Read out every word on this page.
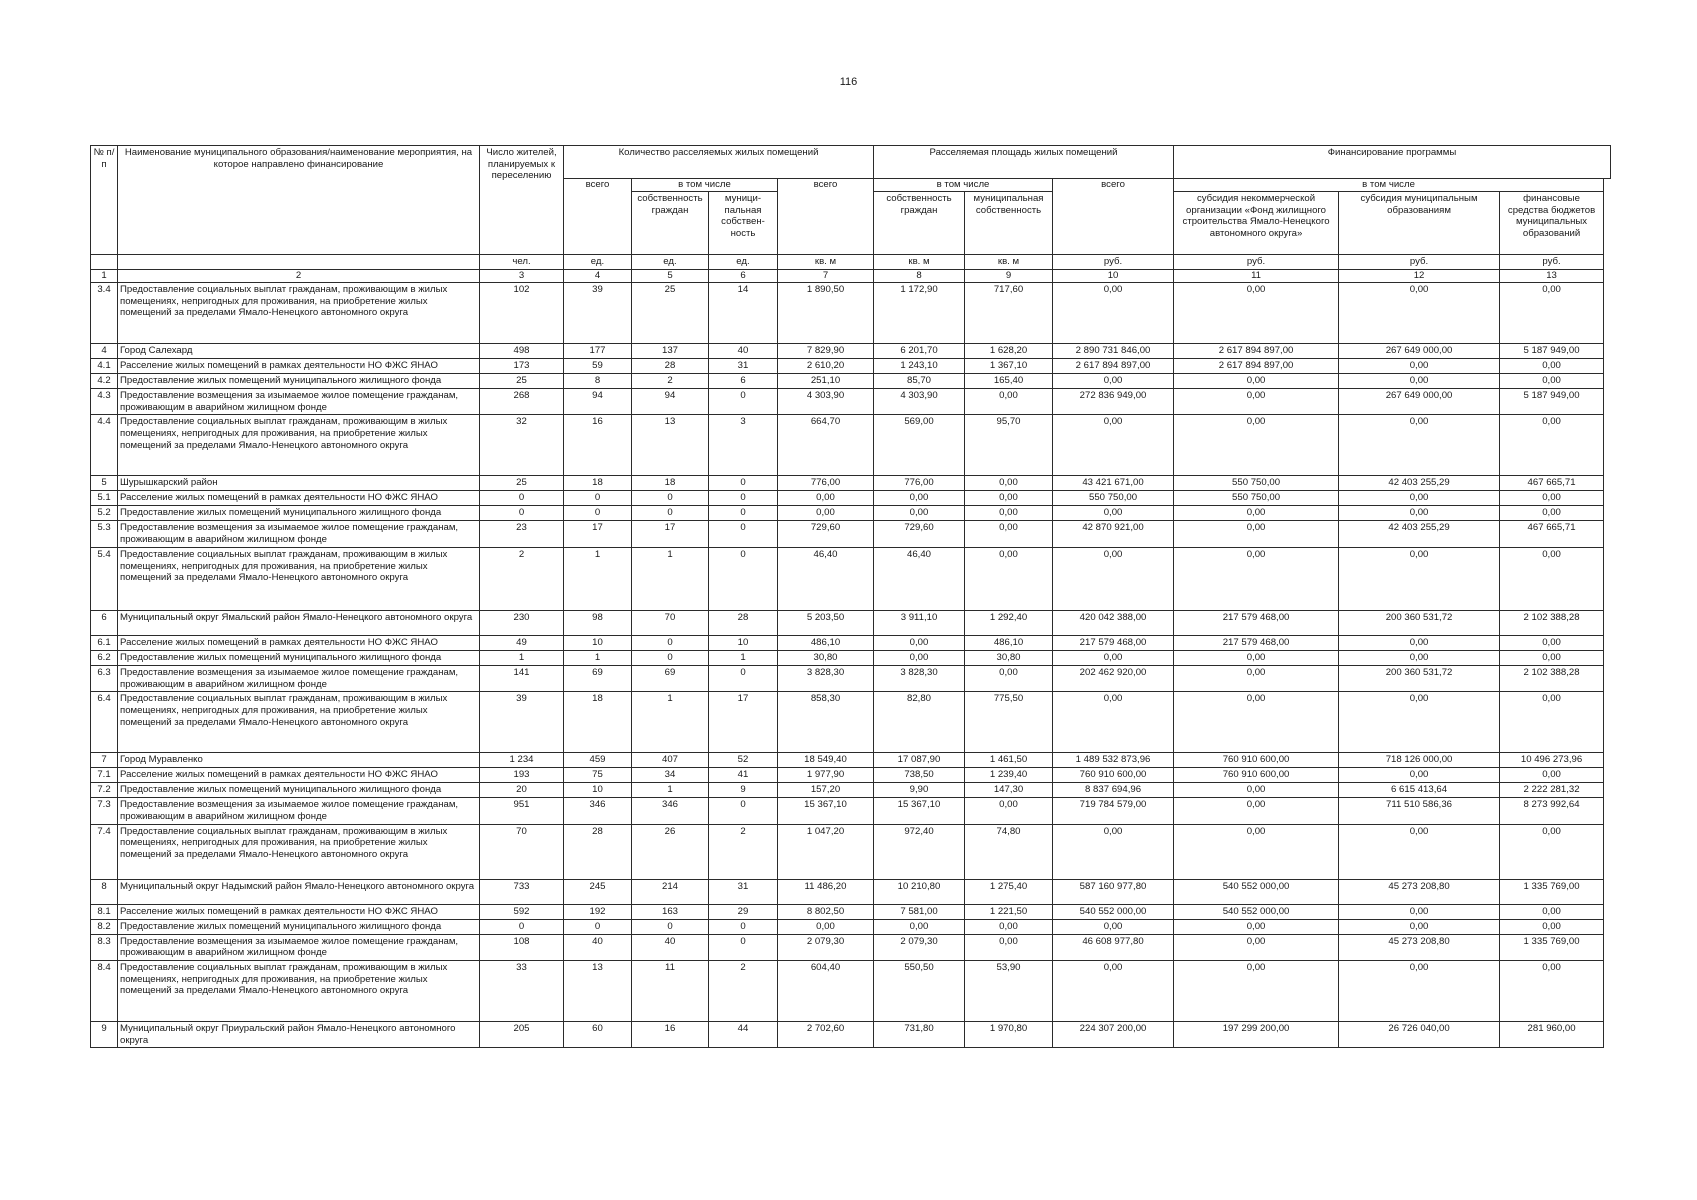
116
№ п/п	Наименование муниципального образования/наименование мероприятия, на которое направлено финансирование	Число жителей, планируемых к переселению	Количество расселяемых жилых помещений				Расселяемая площадь жилых помещений			Финансирование программы		
			всего	в том числе		всего	в том числе		всего	в том числе		
				собственность граждан	муници-пальная собствен-ность		собственность граждан	муниципальная собственность		субсидия некоммерческой организации «Фонд жилищного строительства Ямало-Ненецкого автономного округа»	субсидия муниципальным образованиям	финансовые средства бюджетов муниципальных образований
		чел.	ед.	ед.	ед.	кв. м	кв. м	кв. м	руб.	руб.	руб.	руб.
1	2	3	4	5	6	7	8	9	10	11	12	13
3.4	Предоставление социальных выплат гражданам, проживающим в жилых помещениях, непригодных для проживания, на приобретение жилых помещений за пределами Ямало-Ненецкого автономного округа	102	39	25	14	1 890,50	1 172,90	717,60	0,00	0,00	0,00	0,00
4	Город Салехард	498	177	137	40	7 829,90	6 201,70	1 628,20	2 890 731 846,00	2 617 894 897,00	267 649 000,00	5 187 949,00
4.1	Расселение жилых помещений в рамках деятельности НО ФЖС ЯНАО	173	59	28	31	2 610,20	1 243,10	1 367,10	2 617 894 897,00	2 617 894 897,00	0,00	0,00
4.2	Предоставление жилых помещений муниципального жилищного фонда	25	8	2	6	251,10	85,70	165,40	0,00	0,00	0,00	0,00
4.3	Предоставление возмещения за изымаемое жилое помещение гражданам, проживающим в аварийном жилищном фонде	268	94	94	0	4 303,90	4 303,90	0,00	272 836 949,00	0,00	267 649 000,00	5 187 949,00
4.4	Предоставление социальных выплат гражданам, проживающим в жилых помещениях, непригодных для проживания, на приобретение жилых помещений за пределами Ямало-Ненецкого автономного округа	32	16	13	3	664,70	569,00	95,70	0,00	0,00	0,00	0,00
5	Шурышкарский район	25	18	18	0	776,00	776,00	0,00	43 421 671,00	550 750,00	42 403 255,29	467 665,71
5.1	Расселение жилых помещений в рамках деятельности НО ФЖС ЯНАО	0	0	0	0	0,00	0,00	0,00	550 750,00	550 750,00	0,00	0,00
5.2	Предоставление жилых помещений муниципального жилищного фонда	0	0	0	0	0,00	0,00	0,00	0,00	0,00	0,00	0,00
5.3	Предоставление возмещения за изымаемое жилое помещение гражданам, проживающим в аварийном жилищном фонде	23	17	17	0	729,60	729,60	0,00	42 870 921,00	0,00	42 403 255,29	467 665,71
5.4	Предоставление социальных выплат гражданам, проживающим в жилых помещениях, непригодных для проживания, на приобретение жилых помещений за пределами Ямало-Ненецкого автономного округа	2	1	1	0	46,40	46,40	0,00	0,00	0,00	0,00	0,00
6	Муниципальный округ Ямальский район Ямало-Ненецкого автономного округа	230	98	70	28	5 203,50	3 911,10	1 292,40	420 042 388,00	217 579 468,00	200 360 531,72	2 102 388,28
6.1	Расселение жилых помещений в рамках деятельности НО ФЖС ЯНАО	49	10	0	10	486,10	0,00	486,10	217 579 468,00	217 579 468,00	0,00	0,00
6.2	Предоставление жилых помещений муниципального жилищного фонда	1	1	0	1	30,80	0,00	30,80	0,00	0,00	0,00	0,00
6.3	Предоставление возмещения за изымаемое жилое помещение гражданам, проживающим в аварийном жилищном фонде	141	69	69	0	3 828,30	3 828,30	0,00	202 462 920,00	0,00	200 360 531,72	2 102 388,28
6.4	Предоставление социальных выплат гражданам, проживающим в жилых помещениях, непригодных для проживания, на приобретение жилых помещений за пределами Ямало-Ненецкого автономного округа	39	18	1	17	858,30	82,80	775,50	0,00	0,00	0,00	0,00
7	Город Муравленко	1 234	459	407	52	18 549,40	17 087,90	1 461,50	1 489 532 873,96	760 910 600,00	718 126 000,00	10 496 273,96
7.1	Расселение жилых помещений в рамках деятельности НО ФЖС ЯНАО	193	75	34	41	1 977,90	738,50	1 239,40	760 910 600,00	760 910 600,00	0,00	0,00
7.2	Предоставление жилых помещений муниципального жилищного фонда	20	10	1	9	157,20	9,90	147,30	8 837 694,96	0,00	6 615 413,64	2 222 281,32
7.3	Предоставление возмещения за изымаемое жилое помещение гражданам, проживающим в аварийном жилищном фонде	951	346	346	0	15 367,10	15 367,10	0,00	719 784 579,00	0,00	711 510 586,36	8 273 992,64
7.4	Предоставление социальных выплат гражданам, проживающим в жилых помещениях, непригодных для проживания, на приобретение жилых помещений за пределами Ямало-Ненецкого автономного округа	70	28	26	2	1 047,20	972,40	74,80	0,00	0,00	0,00	0,00
8	Муниципальный округ Надымский район Ямало-Ненецкого автономного округа	733	245	214	31	11 486,20	10 210,80	1 275,40	587 160 977,80	540 552 000,00	45 273 208,80	1 335 769,00
8.1	Расселение жилых помещений в рамках деятельности НО ФЖС ЯНАО	592	192	163	29	8 802,50	7 581,00	1 221,50	540 552 000,00	540 552 000,00	0,00	0,00
8.2	Предоставление жилых помещений муниципального жилищного фонда	0	0	0	0	0,00	0,00	0,00	0,00	0,00	0,00	0,00
8.3	Предоставление возмещения за изымаемое жилое помещение гражданам, проживающим в аварийном жилищном фонде	108	40	40	0	2 079,30	2 079,30	0,00	46 608 977,80	0,00	45 273 208,80	1 335 769,00
8.4	Предоставление социальных выплат гражданам, проживающим в жилых помещениях, непригодных для проживания, на приобретение жилых помещений за пределами Ямало-Ненецкого автономного округа	33	13	11	2	604,40	550,50	53,90	0,00	0,00	0,00	0,00
9	Муниципальный округ Приуральский район Ямало-Ненецкого автономного округа	205	60	16	44	2 702,60	731,80	1 970,80	224 307 200,00	197 299 200,00	26 726 040,00	281 960,00
